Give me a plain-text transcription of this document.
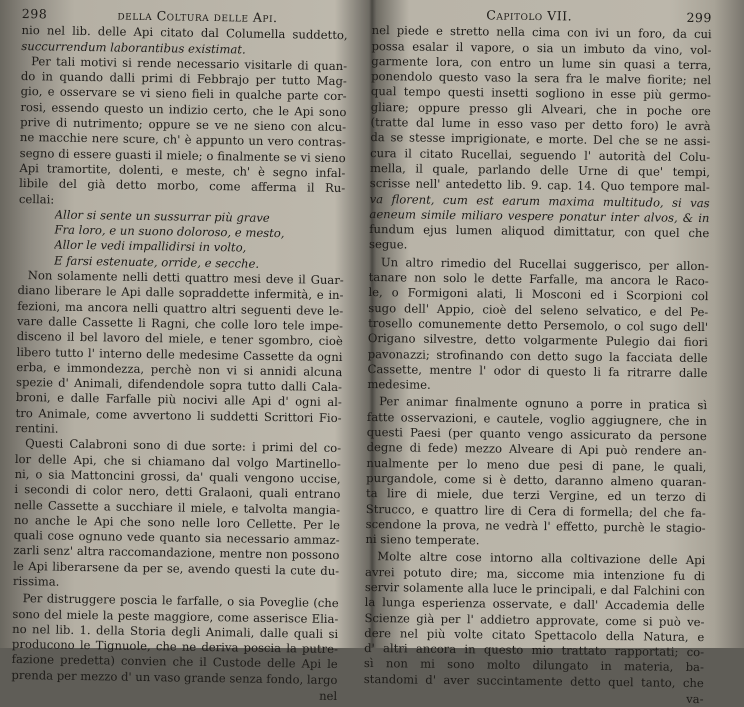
298	della Coltura delle Api.

nio nel lib. delle Api citato dal Columella suddetto,
succurrendum laborantibus existimat.

Per tali motivi si rende necessario visitarle di quan-
do in quando dalli primi di Febbrajo per tutto Mag-
gio, e osservare se vi sieno fieli in qualche parte cor-
rosi, essendo questo un indizio certo, che le Api sono
prive di nutrimento; oppure se ve ne sieno con alcu-
ne macchie nere scure, ch' è appunto un vero contras-
segno di essere guasti il miele; o finalmente se vi sieno
Api tramortite, dolenti, e meste, ch' è segno infal-
libile del già detto morbo, come afferma il Ru-
cellai:

Allor si sente un sussurrar più grave
Fra loro, e un suono doloroso, e mesto,
Allor le vedi impallidirsi in volto,
E farsi estenuate, orride, e secche.

Non solamente nelli detti quattro mesi deve il Guar-
diano liberare le Api dalle sopraddette infermità, e in-
fezioni, ma ancora nelli quattro altri seguenti deve le-
vare dalle Cassette li Ragni, che colle loro tele impe-
disceno il bel lavoro del miele, e tener sgombro, cioè
libero tutto l' interno delle medesime Cassette da ogni
erba, e immondezza, perchè non vi si annidi alcuna
spezie d' Animali, difendendole sopra tutto dalli Cala-
broni, e dalle Farfalle più nocivi alle Api d' ogni al-
tro Animale, come avvertono li suddetti Scrittori Fio-
rentini.

Questi Calabroni sono di due sorte: i primi del co-
lor delle Api, che si chiamano dal volgo Martinello-
ni, o sia Mattoncini grossi, da' quali vengono uccise,
i secondi di color nero, detti Gralaoni, quali entrano
nelle Cassette a succhiare il miele, e talvolta mangia-
no anche le Api che sono nelle loro Cellette. Per le
quali cose ognuno vede quanto sia necessario ammaz-
zarli senz' altra raccomandazione, mentre non possono
le Api liberarsene da per se, avendo questi la cute du-
rissima.

Per distruggere poscia le farfalle, o sia Poveglie (che
sono del miele la peste maggiore, come asserisce Elia-
no nel lib. 1. della Storia degli Animali, dalle quali si
producono le Tignuole, che ne deriva poscia la putre-
fazione predetta) convien che il Custode delle Api le
prenda per mezzo d' un vaso grande senza fondo, largo

nel
Capitolo VII.	299

nel piede e stretto nella cima con ivi un foro, da cui
possa esalar il vapore, o sia un imbuto da vino, vol-
garmente lora, con entro un lume sin quasi a terra,
ponendolo questo vaso la sera fra le malve fiorite; nel
qual tempo questi insetti sogliono in esse più germo-
gliare; oppure presso gli Alveari, che in poche ore
(tratte dal lume in esso vaso per detto foro) le avrà
da se stesse imprigionate, e morte. Del che se ne assi-
cura il citato Rucellai, seguendo l' autorità del Colu-
mella, il quale, parlando delle Urne di que' tempi,
scrisse nell' antedetto lib. 9. cap. 14. Quo tempore mal-
va florent, cum est earum maxima multitudo, si vas
aeneum simile miliaro vespere ponatur inter alvos, & in
fundum ejus lumen aliquod dimittatur, con quel che
segue.

Un altro rimedio del Rucellai suggerisco, per allon-
tanare non solo le dette Farfalle, ma ancora le Raco-
le, o Formigoni alati, li Mosconi ed i Scorpioni col
sugo dell' Appio, cioè del seleno selvatico, e del Pe-
trosello comunemente detto Persemolo, o col sugo dell'
Origano silvestre, detto volgarmente Pulegio dai fiori
pavonazzi; strofinando con detto sugo la facciata delle
Cassette, mentre l' odor di questo li fa ritrarre dalle
medesime.

Per animar finalmente ognuno a porre in pratica sì
fatte osservazioni, e cautele, voglio aggiugnere, che in
questi Paesi (per quanto vengo assicurato da persone
degne di fede) mezzo Alveare di Api può rendere an-
nualmente per lo meno due pesi di pane, le quali,
purgandole, come si è detto, daranno almeno quaran-
ta lire di miele, due terzi Vergine, ed un terzo di
Strucco, e quattro lire di Cera di formella; del che fa-
scendone la prova, ne vedrà l' effetto, purchè le stagio-
ni sieno temperate.

Molte altre cose intorno alla coltivazione delle Api
avrei potuto dire; ma, siccome mia intenzione fu di
servir solamente alla luce le principali, e dal Falchini con
la lunga esperienza osservate, e dall' Accademia delle
Scienze già per l' addietro approvate, come si può ve-
dere nel più volte citato Spettacolo della Natura, e
d' altri ancora in questo mio trattato rapportati; co-
sì non mi sono molto dilungato in materia, ba-
standomi d' aver succintamente detto quel tanto, che

va-
